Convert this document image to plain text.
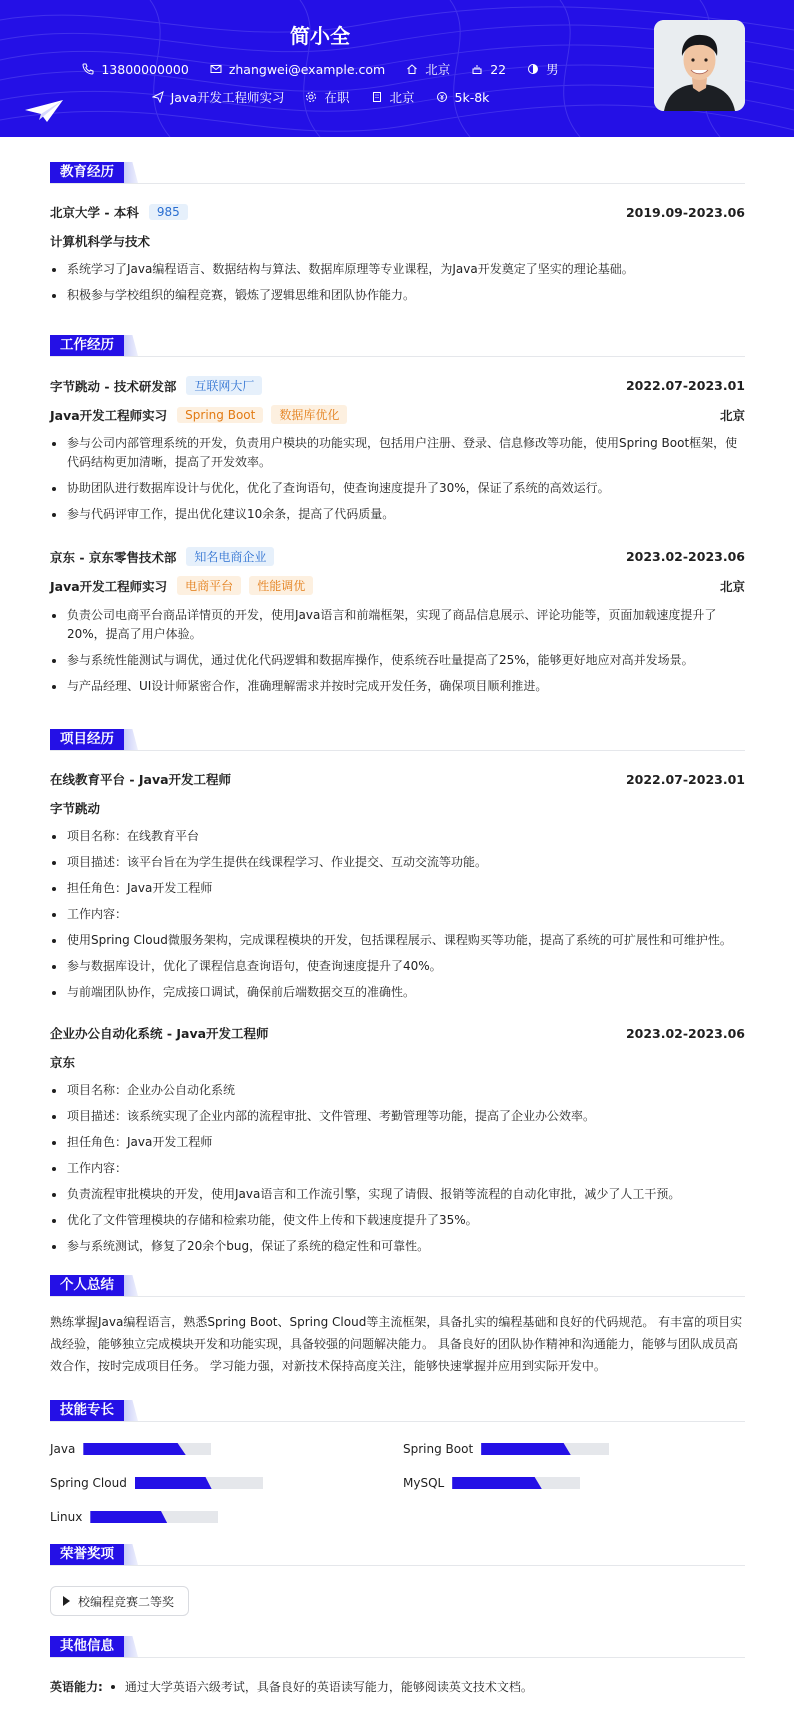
简小全
13800000000	zhangwei@example.com	北京	22	男
Java开发工程师实习	在职	北京	5k-8k
教育经历
北京大学 - 本科	985	2019.09-2023.06
计算机科学与技术
系统学习了Java编程语言、数据结构与算法、数据库原理等专业课程，为Java开发奠定了坚实的理论基础。
积极参与学校组织的编程竞赛，锻炼了逻辑思维和团队协作能力。
工作经历
字节跳动 - 技术研发部	互联网大厂	2022.07-2023.01
Java开发工程师实习	Spring Boot	数据库优化	北京
参与公司内部管理系统的开发，负责用户模块的功能实现，包括用户注册、登录、信息修改等功能，使用Spring Boot框架，使代码结构更加清晰，提高了开发效率。
协助团队进行数据库设计与优化，优化了查询语句，使查询速度提升了30%，保证了系统的高效运行。
参与代码评审工作，提出优化建议10余条，提高了代码质量。
京东 - 京东零售技术部	知名电商企业	2023.02-2023.06
Java开发工程师实习	电商平台	性能调优	北京
负责公司电商平台商品详情页的开发，使用Java语言和前端框架，实现了商品信息展示、评论功能等，页面加载速度提升了20%，提高了用户体验。
参与系统性能测试与调优，通过优化代码逻辑和数据库操作，使系统吞吐量提高了25%，能够更好地应对高并发场景。
与产品经理、UI设计师紧密合作，准确理解需求并按时完成开发任务，确保项目顺利推进。
项目经历
在线教育平台 - Java开发工程师	2022.07-2023.01
字节跳动
项目名称：在线教育平台
项目描述：该平台旨在为学生提供在线课程学习、作业提交、互动交流等功能。
担任角色：Java开发工程师
工作内容：
使用Spring Cloud微服务架构，完成课程模块的开发，包括课程展示、课程购买等功能，提高了系统的可扩展性和可维护性。
参与数据库设计，优化了课程信息查询语句，使查询速度提升了40%。
与前端团队协作，完成接口调试，确保前后端数据交互的准确性。
企业办公自动化系统 - Java开发工程师	2023.02-2023.06
京东
项目名称：企业办公自动化系统
项目描述：该系统实现了企业内部的流程审批、文件管理、考勤管理等功能，提高了企业办公效率。
担任角色：Java开发工程师
工作内容：
负责流程审批模块的开发，使用Java语言和工作流引擎，实现了请假、报销等流程的自动化审批，减少了人工干预。
优化了文件管理模块的存储和检索功能，使文件上传和下载速度提升了35%。
参与系统测试，修复了20余个bug，保证了系统的稳定性和可靠性。
个人总结
熟练掌握Java编程语言，熟悉Spring Boot、Spring Cloud等主流框架，具备扎实的编程基础和良好的代码规范。 有丰富的项目实战经验，能够独立完成模块开发和功能实现，具备较强的问题解决能力。 具备良好的团队协作精神和沟通能力，能够与团队成员高效合作，按时完成项目任务。 学习能力强，对新技术保持高度关注，能够快速掌握并应用到实际开发中。
技能专长
Java	Spring Boot
Spring Cloud	MySQL
Linux
荣誉奖项
校编程竞赛二等奖
其他信息
英语能力: 通过大学英语六级考试，具备良好的英语读写能力，能够阅读英文技术文档。
